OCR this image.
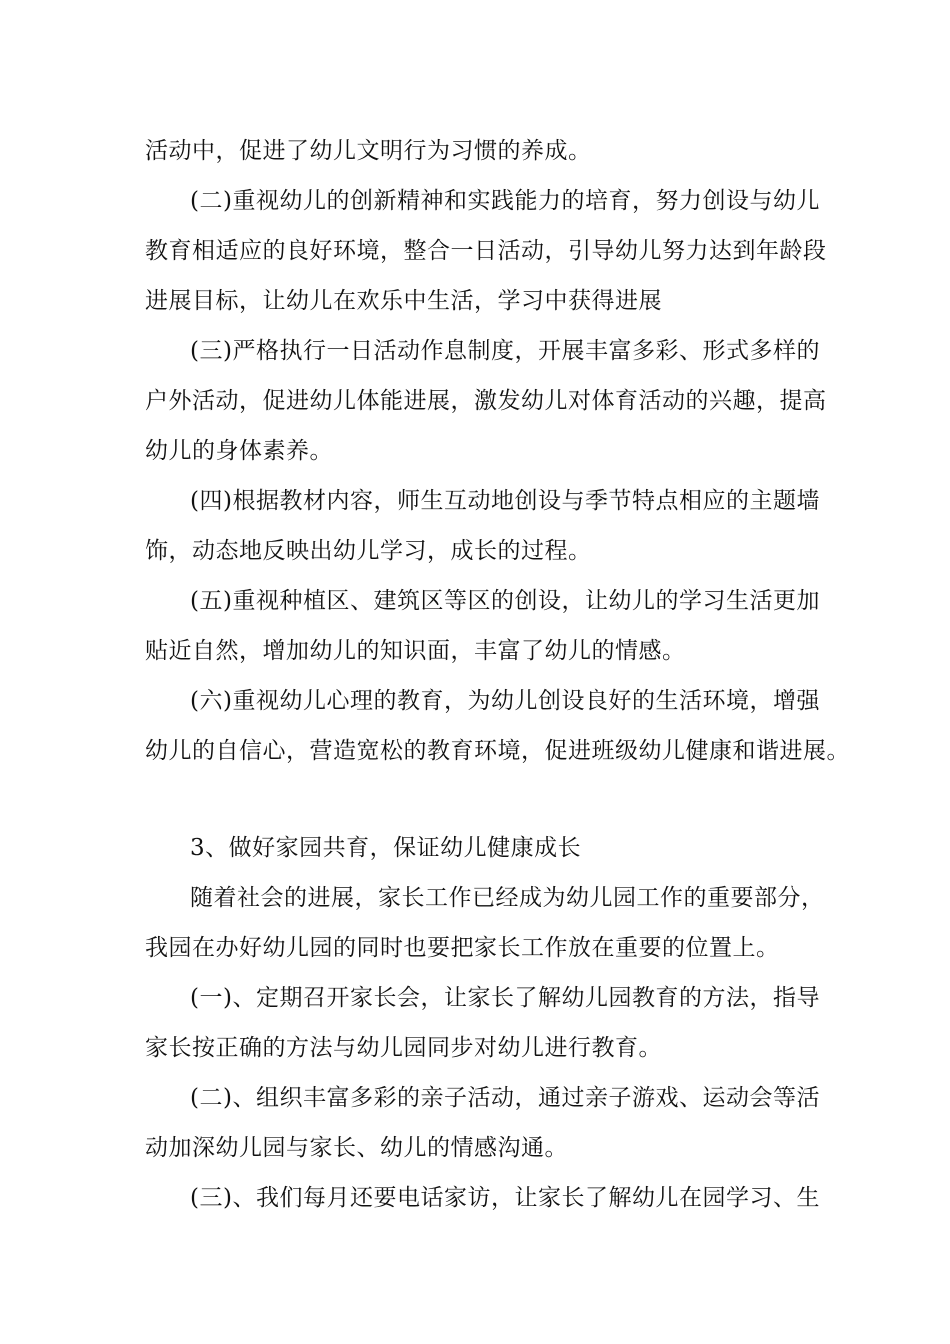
活动中，促进了幼儿文明行为习惯的养成。
(二)重视幼儿的创新精神和实践能力的培育，努力创设与幼儿
教育相适应的良好环境，整合一日活动，引导幼儿努力达到年龄段
进展目标，让幼儿在欢乐中生活，学习中获得进展
(三)严格执行一日活动作息制度，开展丰富多彩、形式多样的
户外活动，促进幼儿体能进展，激发幼儿对体育活动的兴趣，提高
幼儿的身体素养。
(四)根据教材内容，师生互动地创设与季节特点相应的主题墙
饰，动态地反映出幼儿学习，成长的过程。
(五)重视种植区、建筑区等区的创设，让幼儿的学习生活更加
贴近自然，增加幼儿的知识面，丰富了幼儿的情感。
(六)重视幼儿心理的教育，为幼儿创设良好的生活环境，增强
幼儿的自信心，营造宽松的教育环境，促进班级幼儿健康和谐进展。
3、做好家园共育，保证幼儿健康成长
随着社会的进展，家长工作已经成为幼儿园工作的重要部分，
我园在办好幼儿园的同时也要把家长工作放在重要的位置上。
(一)、定期召开家长会，让家长了解幼儿园教育的方法，指导
家长按正确的方法与幼儿园同步对幼儿进行教育。
(二)、组织丰富多彩的亲子活动，通过亲子游戏、运动会等活
动加深幼儿园与家长、幼儿的情感沟通。
(三)、我们每月还要电话家访，让家长了解幼儿在园学习、生
